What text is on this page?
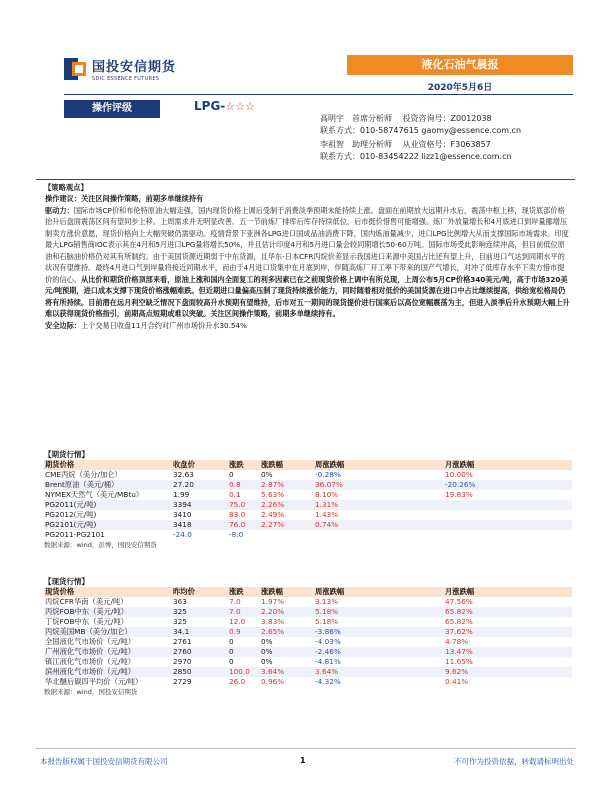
国投安信期货
SDIC ESSENCE FUTURES
液化石油气晨报
2020年5月6日
操作评级	LPG-☆☆☆
高明宇　首席分析师　 投资咨询号：Z0012038
联系方式：010-58747615 gaomy@essence.com.cn
李祖智　助理分析师　 从业资格号：F3063857
联系方式：010-83454222 lizz1@essence.com.cn
【策略观点】

操作建议：关注区间操作策略，前期多单继续持有

驱动力：国际市场CP价和布伦特原油大幅走强，国内现货价格上调后受制于消费淡季预期未能持续上涨。盘面在前期放大远期升水后，震荡中枢上移，现货底部价格抬升后盘面震荡区间有望同步上移。上周需求并无明显改善，五一节前炼厂排库后库存持续低位，后市挺价惜售可能增强。炼厂外放量增长和4月底进口到岸量挪增压制卖方涨价意愿，现货价格向上大幅突破仍需驱动。疫情背景下亚洲各LPG进口国成品油消费下降，国内炼油量减少，进口LPG比例增大从而支撑国际市场需求。印度最大LPG销售商IOC表示其在4月和5月进口LPG量将增长50%，并且估计印度4月和5月进口量会较同期增长50-60万吨。国际市场受此影响连续冲高，但目前低位原油和石脑油价格仍对其有所制约。由于美国货源近期弱于中东货源，且华东-日本CFR丙烷价差显示我国进口来源中美国占比还有望上升，目前进口气达到同期水平的状况有望维持。最终4月进口气到岸量将接近同期水平，而由于4月进口货集中在月底到岸，伴随高炼厂开工率下带来的国产气增长，对冲了低库存水平下卖方惜市提价的信心。从比价和期货价格顶部来看，原油上涨和国内全面复工的利多因素已在之前现货价格上调中有所兑现，上周公布5月CP价格340美元/吨，高于市场320美元/吨预期，进口成本支撑下现货价格涨幅难跌。但近期进口量偏高压制了现货持续涨价能力，同时随着相对低价的美国货源在进口中占比继续提高，供给宽松格局仍将有所持续。目前潜在远月利空缺乏情况下盘面较高升水预期有望维持，后市对五一期间的现货提价进行国案后以高位宽幅震荡为主，但进入淡季后升水预期大幅上升难以获得现货价格指引，前期高点短期或难以突破。关注区间操作策略，前期多单继续持有。

安全边际：上个交易日收盘11月合约对广州市场价升水30.54%

【期货行情】
期货价格	收盘价	涨跌	涨跌幅	周涨跌幅	月涨跌幅
CME丙烷（美分/加仑）	32.63	0	0%	-0.28%	10.00%
Brent原油（美元/桶）	27.20	0.8	2.87%	36.07%	-20.26%
NYMEX天然气（美元/MBtu）	1.99	0.1	5.63%	8.10%	19.83%
PG2011(元/吨)	3394	75.0	2.26%	1.31%	
PG2012(元/吨)	3410	83.0	2.49%	1.43%	
PG2101(元/吨)	3418	76.0	2.27%	0.74%	
PG2011-PG2101	-24.0	-8.0			
数据来源：wind，彭博，国投安信期货
【现货行情】
现货价格	昨均价	涨跌	涨跌幅	周涨跌幅	月涨跌幅
丙烷CFR华南（美元/吨）	363	7.0	1.97%	3.13%	47.56%
丙烷FOB中东（美元/吨）	325	7.0	2.20%	5.18%	65.82%
丁烷FOB中东（美元/吨）	325	12.0	3.83%	5.18%	65.82%
丙烷美国MB（美分/加仑）	34.1	0.9	2.65%	-3.86%	37.62%
全国液化气市场价（元/吨）	2761	0	0%	-4.03%	4.78%
广州液化气市场价（元/吨）	2760	0	0%	-2.46%	13.47%
镇江液化气市场价（元/吨）	2970	0	0%	-4.81%	11.65%
滨州液化气市场价（元/吨）	2850	100.0	3.64%	3.64%	9.62%
华北醚后碳四平均价（元/吨）	2729	26.0	0.96%	-4.32%	0.41%
数据来源：wind，国投安信期货
本报告版权属于国投安信期货有限公司	1	不可作为投资依据，转载请标明出处
